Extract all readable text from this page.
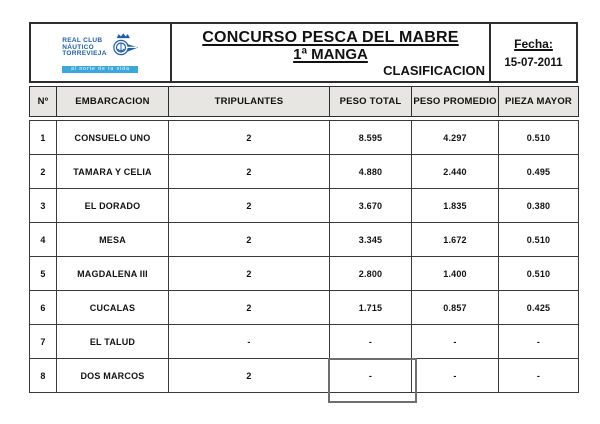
REAL CLUB
NÁUTICO
TORREVIEJA
al norte de tu vida
CONCURSO PESCA DEL MABRE
1ª MANGA
CLASIFICACION
Fecha:
15-07-2011
Nº	EMBARCACION	TRIPULANTES	PESO TOTAL	PESO PROMEDIO	PIEZA MAYOR
1	CONSUELO UNO	2	8.595	4.297	0.510
2	TAMARA Y CELIA	2	4.880	2.440	0.495
3	EL DORADO	2	3.670	1.835	0.380
4	MESA	2	3.345	1.672	0.510
5	MAGDALENA III	2	2.800	1.400	0.510
6	CUCALAS	2	1.715	0.857	0.425
7	EL TALUD	-	-	-	-
8	DOS MARCOS	2	-	-	-
